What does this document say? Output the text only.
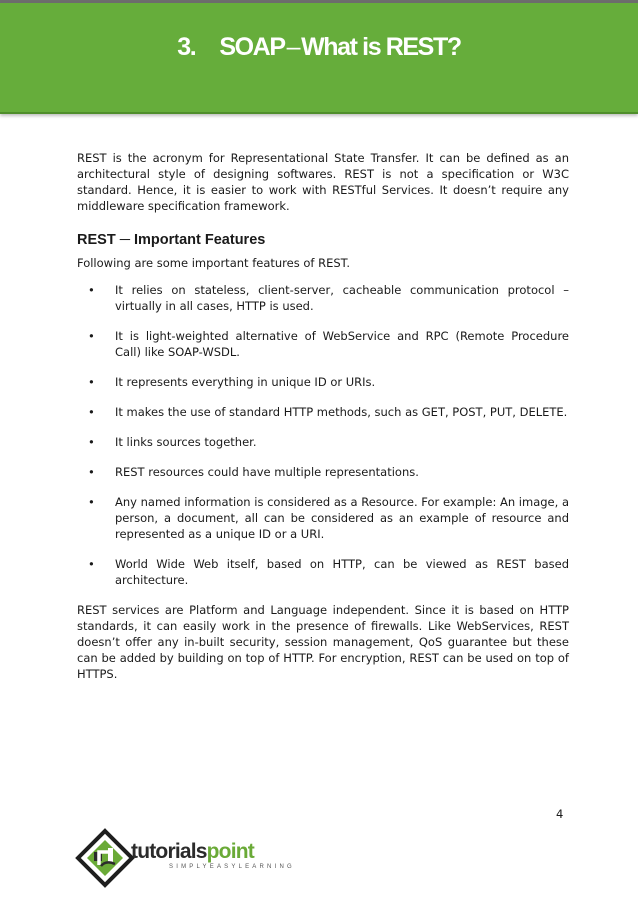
3. SOAP–What is REST?

REST is the acronym for Representational State Transfer. It can be defined as an architectural style of designing softwares. REST is not a specification or W3C standard. Hence, it is easier to work with RESTful Services. It doesn’t require any middleware specification framework.

REST ─ Important Features

Following are some important features of REST.

• It relies on stateless, client-server, cacheable communication protocol – virtually in all cases, HTTP is used.
• It is light-weighted alternative of WebService and RPC (Remote Procedure Call) like SOAP-WSDL.
• It represents everything in unique ID or URIs.
• It makes the use of standard HTTP methods, such as GET, POST, PUT, DELETE.
• It links sources together.
• REST resources could have multiple representations.
• Any named information is considered as a Resource. For example: An image, a person, a document, all can be considered as an example of resource and represented as a unique ID or a URI.
• World Wide Web itself, based on HTTP, can be viewed as REST based architecture.

REST services are Platform and Language independent. Since it is based on HTTP standards, it can easily work in the presence of firewalls. Like WebServices, REST doesn’t offer any in-built security, session management, QoS guarantee but these can be added by building on top of HTTP. For encryption, REST can be used on top of HTTPS.

4
tutorialspoint
SIMPLYEASYLEARNING
